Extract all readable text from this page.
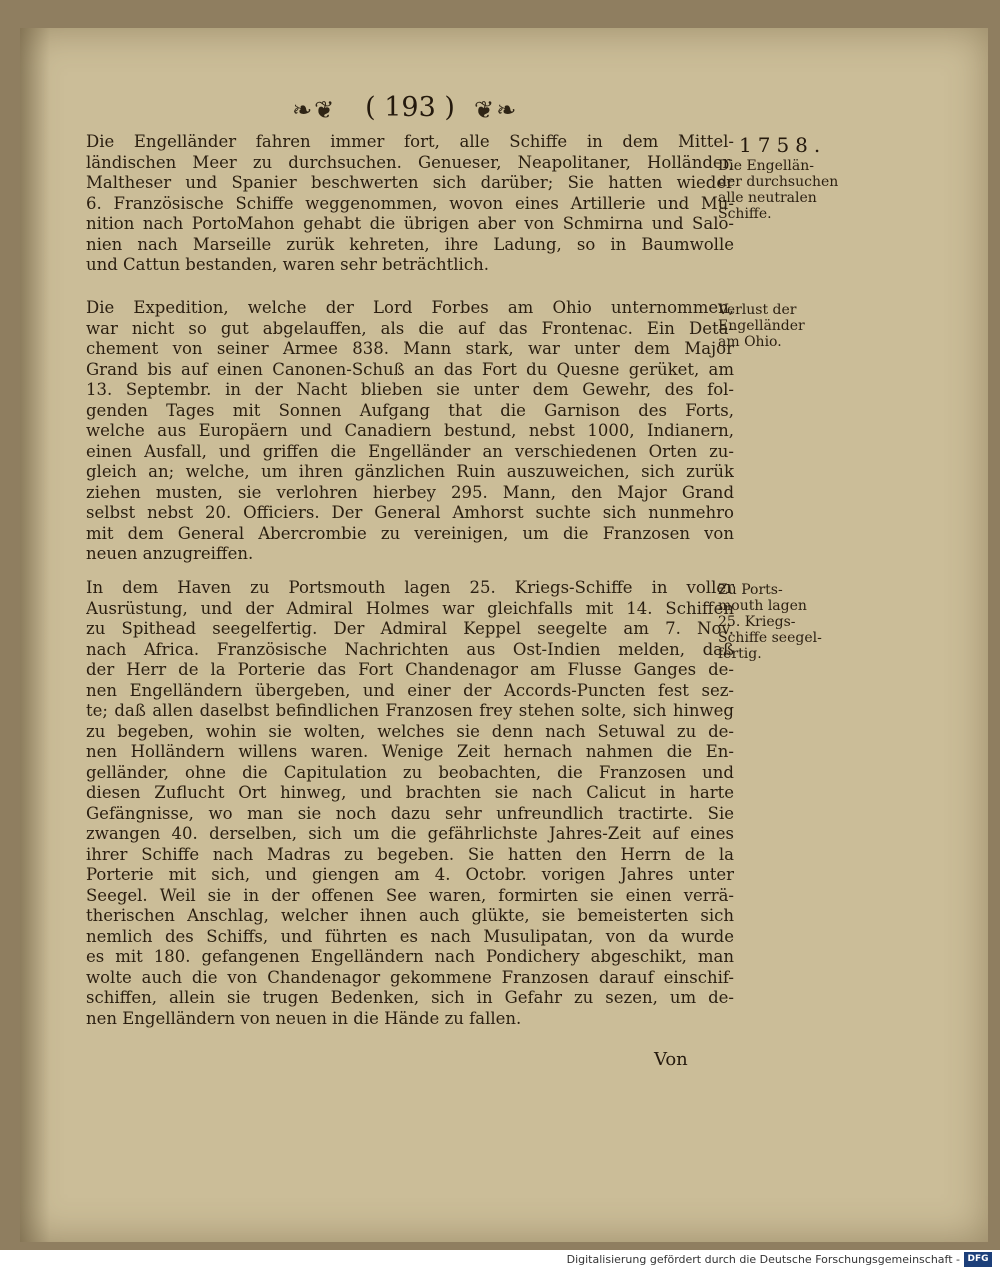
❧❦	( 193 ) ❦❧
1758.
Die Engelländer fahren immer fort, alle Schiffe in dem Mittel-
ländischen Meer zu durchsuchen. Genueser, Neapolitaner, Holländer,
Maltheser und Spanier beschwerten sich darüber; Sie hatten wieder
6. Französische Schiffe weggenommen, wovon eines Artillerie und Mu-
nition nach PortoMahon gehabt die übrigen aber von Schmirna und Salo-
nien nach Marseille zurük kehreten, ihre Ladung, so in Baumwolle
und Cattun bestanden, waren sehr beträchtlich.
Die Engellän-
der durchsuchen
alle neutralen
Schiffe.
Die Expedition, welche der Lord Forbes am Ohio unternommen,
war nicht so gut abgelauffen, als die auf das Frontenac. Ein Deta-
chement von seiner Armee 838. Mann stark, war unter dem Major
Grand bis auf einen Canonen-Schuß an das Fort du Quesne gerüket, am
13. Septembr. in der Nacht blieben sie unter dem Gewehr, des fol-
genden Tages mit Sonnen Aufgang that die Garnison des Forts,
welche aus Europäern und Canadiern bestund, nebst 1000, Indianern,
einen Ausfall, und griffen die Engelländer an verschiedenen Orten zu-
gleich an; welche, um ihren gänzlichen Ruin auszuweichen, sich zurük
ziehen musten, sie verlohren hierbey 295. Mann, den Major Grand
selbst nebst 20. Officiers. Der General Amhorst suchte sich nunmehro
mit dem General Abercrombie zu vereinigen, um die Franzosen von
neuen anzugreiffen.
Verlust der
Engelländer
am Ohio.
In dem Haven zu Portsmouth lagen 25. Kriegs-Schiffe in voller
Ausrüstung, und der Admiral Holmes war gleichfalls mit 14. Schiffen
zu Spithead seegelfertig. Der Admiral Keppel seegelte am 7. Nov.
nach Africa. Französische Nachrichten aus Ost-Indien melden, daß
der Herr de la Porterie das Fort Chandenagor am Flusse Ganges de-
nen Engelländern übergeben, und einer der Accords-Puncten fest sez-
te; daß allen daselbst befindlichen Franzosen frey stehen solte, sich hinweg
zu begeben, wohin sie wolten, welches sie denn nach Setuwal zu de-
nen Holländern willens waren. Wenige Zeit hernach nahmen die En-
gelländer, ohne die Capitulation zu beobachten, die Franzosen und
diesen Zuflucht Ort hinweg, und brachten sie nach Calicut in harte
Gefängnisse, wo man sie noch dazu sehr unfreundlich tractirte. Sie
zwangen 40. derselben, sich um die gefährlichste Jahres-Zeit auf eines
ihrer Schiffe nach Madras zu begeben. Sie hatten den Herrn de la
Porterie mit sich, und giengen am 4. Octobr. vorigen Jahres unter
Seegel. Weil sie in der offenen See waren, formirten sie einen verrä-
therischen Anschlag, welcher ihnen auch glükte, sie bemeisterten sich
nemlich des Schiffs, und führten es nach Musulipatan, von da wurde
es mit 180. gefangenen Engelländern nach Pondichery abgeschikt, man
wolte auch die von Chandenagor gekommene Franzosen darauf einschif-
schiffen, allein sie trugen Bedenken, sich in Gefahr zu sezen, um de-
nen Engelländern von neuen in die Hände zu fallen.
Zu Ports-
mouth lagen
25. Kriegs-
Schiffe seegel-
fertig.
Von
Digitalisierung gefördert durch die Deutsche Forschungsgemeinschaft - DFG
